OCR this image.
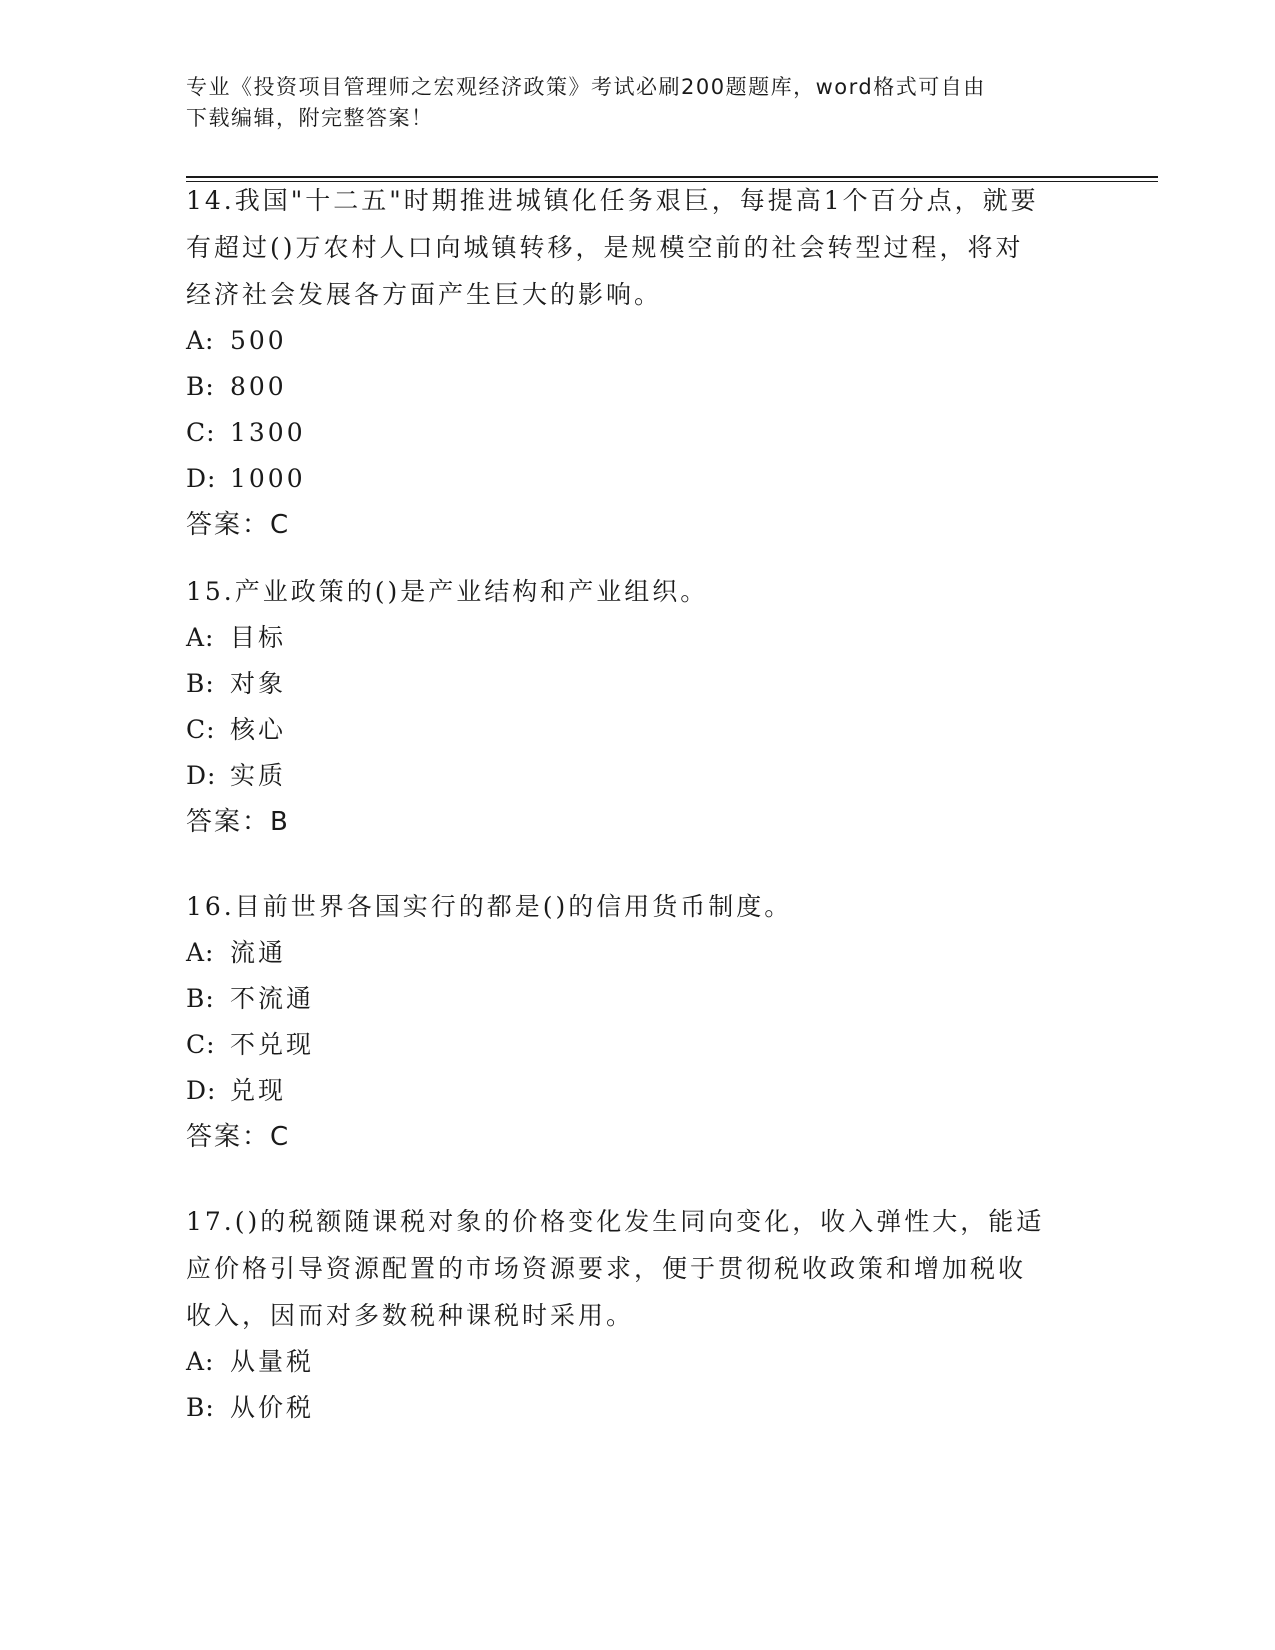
专业《投资项目管理师之宏观经济政策》考试必刷200题题库，word格式可自由
下载编辑，附完整答案！

14.我国"十二五"时期推进城镇化任务艰巨，每提高1个百分点，就要

有超过()万农村人口向城镇转移，是规模空前的社会转型过程，将对

经济社会发展各方面产生巨大的影响。

A: 500

B: 800

C: 1300

D: 1000

答案：C

15.产业政策的()是产业结构和产业组织。

A: 目标

B: 对象

C: 核心

D: 实质

答案：B

16.目前世界各国实行的都是()的信用货币制度。

A: 流通

B: 不流通

C: 不兑现

D: 兑现

答案：C

17.()的税额随课税对象的价格变化发生同向变化，收入弹性大，能适

应价格引导资源配置的市场资源要求，便于贯彻税收政策和增加税收

收入，因而对多数税种课税时采用。

A: 从量税

B: 从价税
